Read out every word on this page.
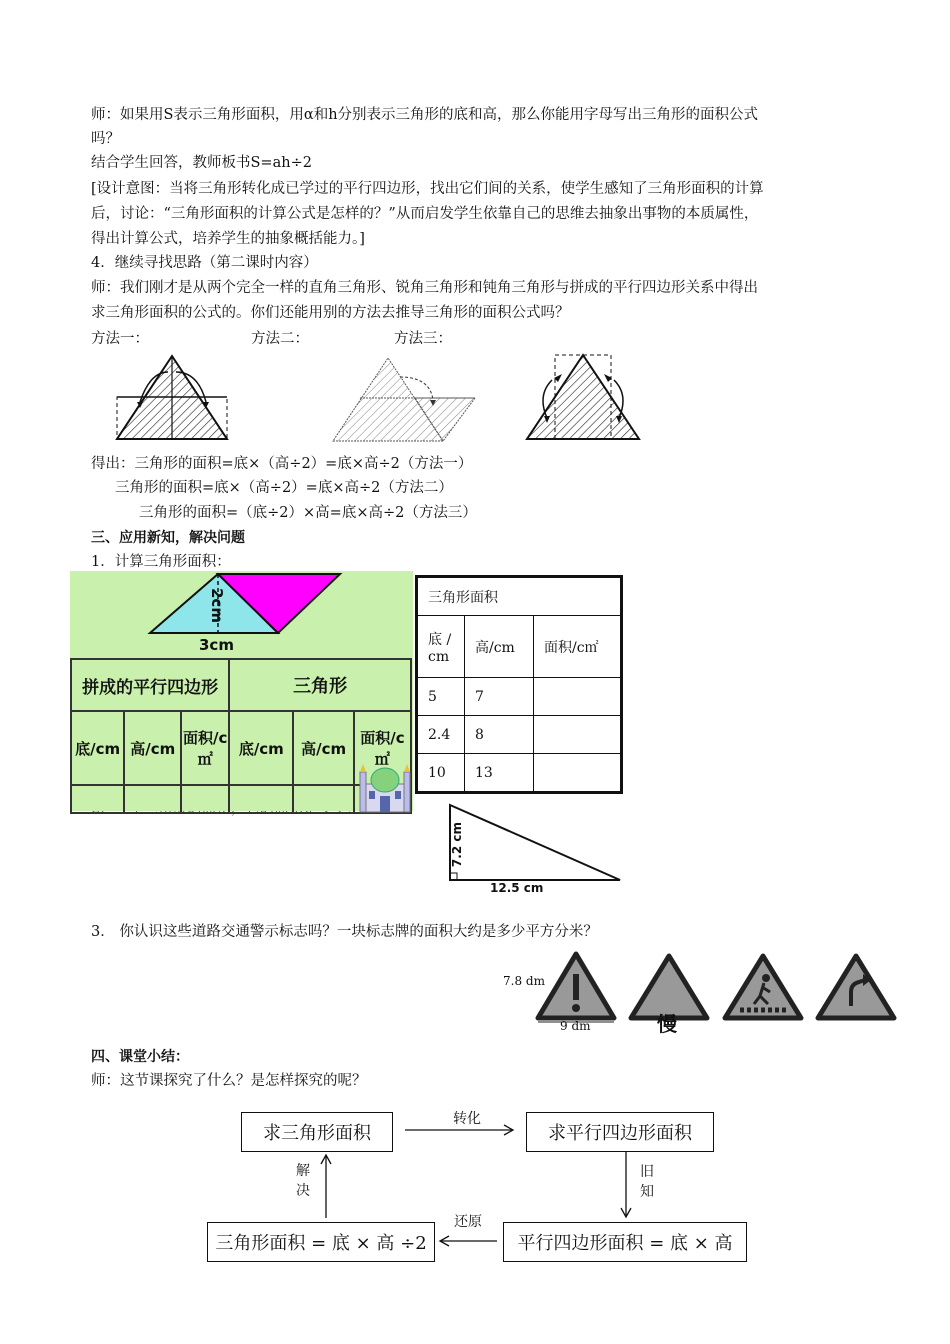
师：如果用S表示三角形面积，用α和h分别表示三角形的底和高，那么你能用字母写出三角形的面积公式
吗？
结合学生回答，教师板书S=ah÷2
[设计意图：当将三角形转化成已学过的平行四边形，找出它们间的关系，使学生感知了三角形面积的计算
后，讨论：“三角形面积的计算公式是怎样的？”从而启发学生依靠自己的思维去抽象出事物的本质属性，
得出计算公式，培养学生的抽象概括能力。]
4．继续寻找思路（第二课时内容）
师：我们刚才是从两个完全一样的直角三角形、锐角三角形和钝角三角形与拼成的平行四边形关系中得出
求三角形面积的公式的。你们还能用别的方法去推导三角形的面积公式吗？
方法一：	方法二：	方法三：
得出：三角形的面积=底×（高÷2）=底×高÷2（方法一）
三角形的面积=底×（高÷2）=底×高÷2（方法二）
三角形的面积=（底÷2）×高=底×高÷2（方法三）
三、应用新知，解决问题
1．计算三角形面积：
2cm
3cm
拼成的平行四边形			三角形		
底/cm	高/cm	面积/c㎡	底/cm	高/cm	面积/c㎡

三角形面积		
底 / cm	高/cm	面积/c㎡
5	7	
2.4	8	
10	13	
7.2 cm
12.5 cm
3． 你认识这些道路交通警示标志吗？一块标志牌的面积大约是多少平方分米？
7.8 dm
9 dm	慢
四、课堂小结：
师：这节课探究了什么？是怎样探究的呢？
求三角形面积	求平行四边形面积
平行四边形面积 = 底 × 高
三角形面积 = 底 × 高 ÷2
转化
旧
知
还原
解
决
